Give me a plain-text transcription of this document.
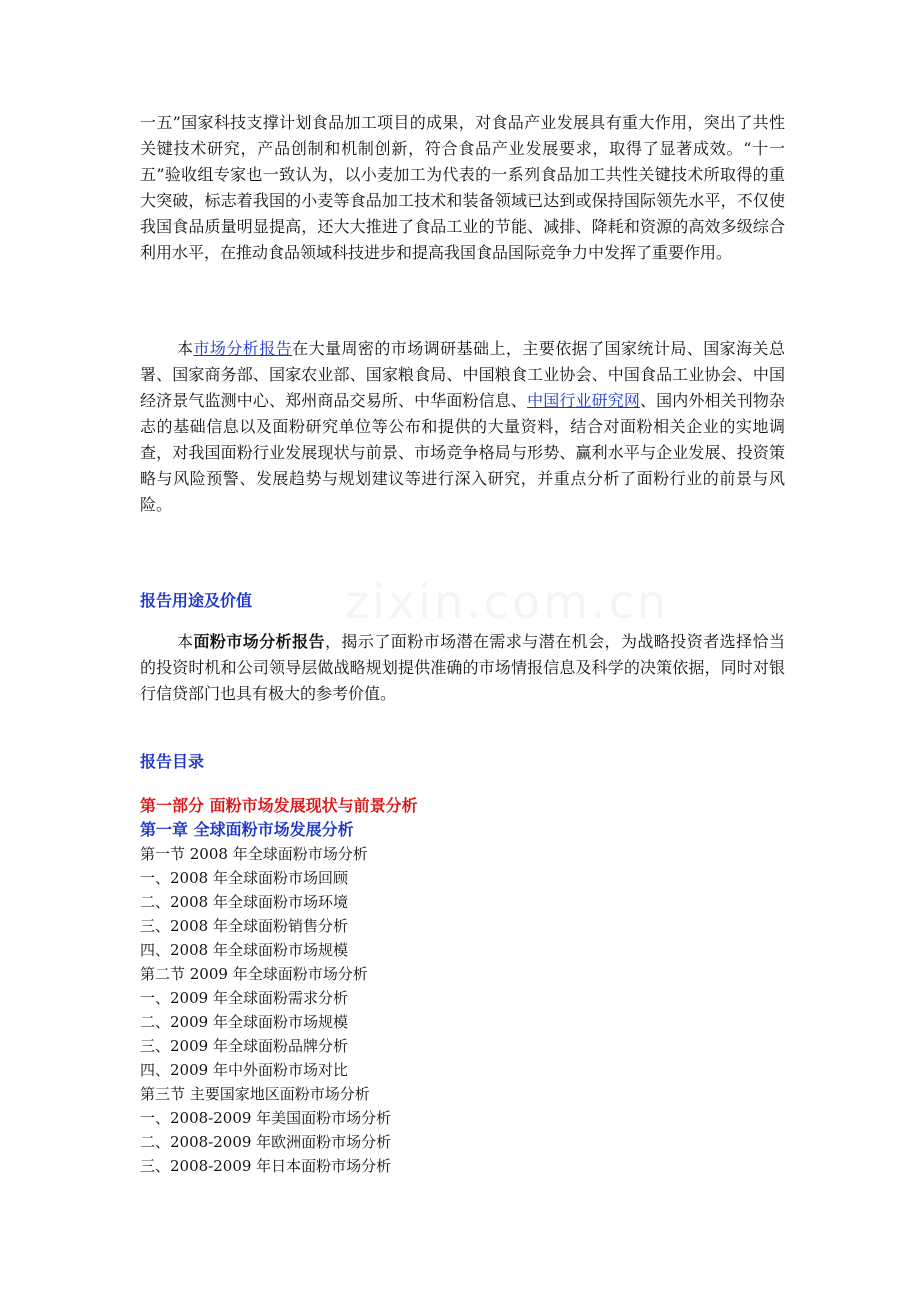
zixin.com.cn

一五”国家科技支撑计划食品加工项目的成果，对食品产业发展具有重大作用，突出了共性关键技术研究，产品创制和机制创新，符合食品产业发展要求，取得了显著成效。“十一五”验收组专家也一致认为，以小麦加工为代表的一系列食品加工共性关键技术所取得的重大突破，标志着我国的小麦等食品加工技术和装备领域已达到或保持国际领先水平，不仅使我国食品质量明显提高，还大大推进了食品工业的节能、减排、降耗和资源的高效多级综合利用水平，在推动食品领域科技进步和提高我国食品国际竞争力中发挥了重要作用。

本市场分析报告在大量周密的市场调研基础上，主要依据了国家统计局、国家海关总署、国家商务部、国家农业部、国家粮食局、中国粮食工业协会、中国食品工业协会、中国经济景气监测中心、郑州商品交易所、中华面粉信息、中国行业研究网、国内外相关刊物杂志的基础信息以及面粉研究单位等公布和提供的大量资料，结合对面粉相关企业的实地调查，对我国面粉行业发展现状与前景、市场竞争格局与形势、赢利水平与企业发展、投资策略与风险预警、发展趋势与规划建议等进行深入研究，并重点分析了面粉行业的前景与风险。

报告用途及价值

本面粉市场分析报告，揭示了面粉市场潜在需求与潜在机会，为战略投资者选择恰当的投资时机和公司领导层做战略规划提供准确的市场情报信息及科学的决策依据，同时对银行信贷部门也具有极大的参考价值。

报告目录
第一部分 面粉市场发展现状与前景分析
第一章 全球面粉市场发展分析
第一节 2008 年全球面粉市场分析
一、2008 年全球面粉市场回顾
二、2008 年全球面粉市场环境
三、2008 年全球面粉销售分析
四、2008 年全球面粉市场规模
第二节 2009 年全球面粉市场分析
一、2009 年全球面粉需求分析
二、2009 年全球面粉市场规模
三、2009 年全球面粉品牌分析
四、2009 年中外面粉市场对比
第三节 主要国家地区面粉市场分析
一、2008-2009 年美国面粉市场分析
二、2008-2009 年欧洲面粉市场分析
三、2008-2009 年日本面粉市场分析
